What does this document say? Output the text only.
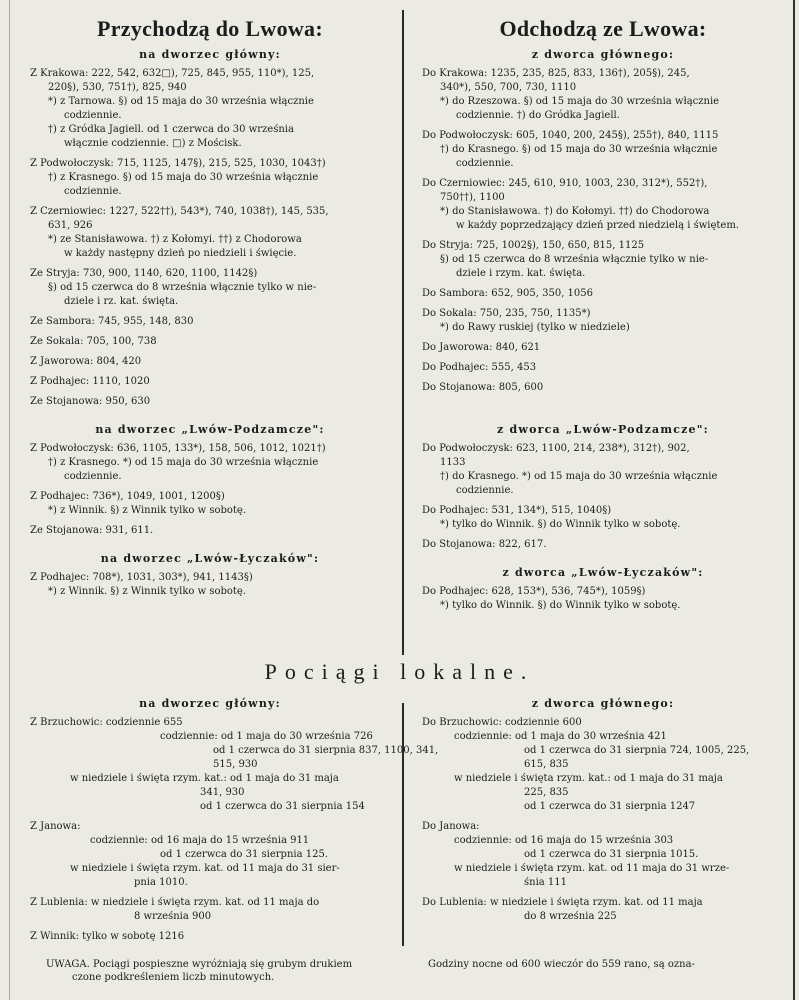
Przychodzą do Lwowa:
na dworzec główny:

Z Krakowa: 222, 542, 632□), 725, 845, 955, 110*), 125,

220§), 530, 751†), 825, 940

*) z Tarnowa. §) od 15 maja do 30 września włącznie

codziennie.

†) z Gródka Jagiell. od 1 czerwca do 30 września

włącznie codziennie. □) z Mościsk.

Z Podwołoczysk: 715, 1125, 147§), 215, 525, 1030, 1043†)

†) z Krasnego. §) od 15 maja do 30 września włącznie

codziennie.

Z Czerniowiec: 1227, 522††), 543*), 740, 1038†), 145, 535,

631, 926

*) ze Stanisławowa. †) z Kołomyi. ††) z Chodorowa

w każdy następny dzień po niedzieli i święcie.

Ze Stryja: 730, 900, 1140, 620, 1100, 1142§)

§) od 15 czerwca do 8 września włącznie tylko w nie-

dziele i rz. kat. święta.

Ze Sambora: 745, 955, 148, 830

Ze Sokala: 705, 100, 738

Z Jaworowa: 804, 420

Z Podhajec: 1110, 1020

Ze Stojanowa: 950, 630

na dworzec „Lwów-Podzamcze":

Z Podwołoczysk: 636, 1105, 133*), 158, 506, 1012, 1021†)

†) z Krasnego. *) od 15 maja do 30 września włącznie

codziennie.

Z Podhajec: 736*), 1049, 1001, 1200§)

*) z Winnik. §) z Winnik tylko w sobotę.

Ze Stojanowa: 931, 611.

na dworzec „Lwów-Łyczaków":

Z Podhajec: 708*), 1031, 303*), 941, 1143§)

*) z Winnik. §) z Winnik tylko w sobotę.

Odchodzą ze Lwowa:
z dworca głównego:

Do Krakowa: 1235, 235, 825, 833, 136†), 205§), 245,

340*), 550, 700, 730, 1110

*) do Rzeszowa. §) od 15 maja do 30 września włącznie

codziennie. †) do Gródka Jagiell.

Do Podwołoczysk: 605, 1040, 200, 245§), 255†), 840, 1115

†) do Krasnego. §) od 15 maja do 30 września włącznie

codziennie.

Do Czerniowiec: 245, 610, 910, 1003, 230, 312*), 552†),

750††), 1100

*) do Stanisławowa. †) do Kołomyi. ††) do Chodorowa

w każdy poprzedzający dzień przed niedzielą i świętem.

Do Stryja: 725, 1002§), 150, 650, 815, 1125

§) od 15 czerwca do 8 września włącznie tylko w nie-

dziele i rzym. kat. święta.

Do Sambora: 652, 905, 350, 1056

Do Sokala: 750, 235, 750, 1135*)

*) do Rawy ruskiej (tylko w niedziele)

Do Jaworowa: 840, 621

Do Podhajec: 555, 453

Do Stojanowa: 805, 600

z dworca „Lwów-Podzamcze":

Do Podwołoczysk: 623, 1100, 214, 238*), 312†), 902,

1133

†) do Krasnego. *) od 15 maja do 30 września włącznie

codziennie.

Do Podhajec: 531, 134*), 515, 1040§)

*) tylko do Winnik. §) do Winnik tylko w sobotę.

Do Stojanowa: 822, 617.

z dworca „Lwów-Łyczaków":

Do Podhajec: 628, 153*), 536, 745*), 1059§)

*) tylko do Winnik. §) do Winnik tylko w sobotę.

Pociągi lokalne.
na dworzec główny:

Z Brzuchowic: codziennie 655

codziennie: od 1 maja do 30 września 726

od 1 czerwca do 31 sierpnia 837, 1100, 341,

515, 930

w niedziele i święta rzym. kat.: od 1 maja do 31 maja

341, 930

od 1 czerwca do 31 sierpnia 154

Z Janowa:

codziennie: od 16 maja do 15 września 911

od 1 czerwca do 31 sierpnia 125.

w niedziele i święta rzym. kat. od 11 maja do 31 sier-

pnia 1010.

Z Lublenia: w niedziele i święta rzym. kat. od 11 maja do

8 września 900

Z Winnik: tylko w sobotę 1216

z dworca głównego:

Do Brzuchowic: codziennie 600

codziennie: od 1 maja do 30 września 421

od 1 czerwca do 31 sierpnia 724, 1005, 225,

615, 835

w niedziele i święta rzym. kat.: od 1 maja do 31 maja

225, 835

od 1 czerwca do 31 sierpnia 1247

Do Janowa:

codziennie: od 16 maja do 15 września 303

od 1 czerwca do 31 sierpnia 1015.

w niedziele i święta rzym. kat. od 11 maja do 31 wrze-

śnia 111

Do Lublenia: w niedziele i święta rzym. kat. od 11 maja

do 8 września 225

UWAGA. Pociągi pospieszne wyróżniają się grubym drukiem
czone podkreśleniem liczb minutowych.
Godziny nocne od 600 wieczór do 559 rano, są ozna-
